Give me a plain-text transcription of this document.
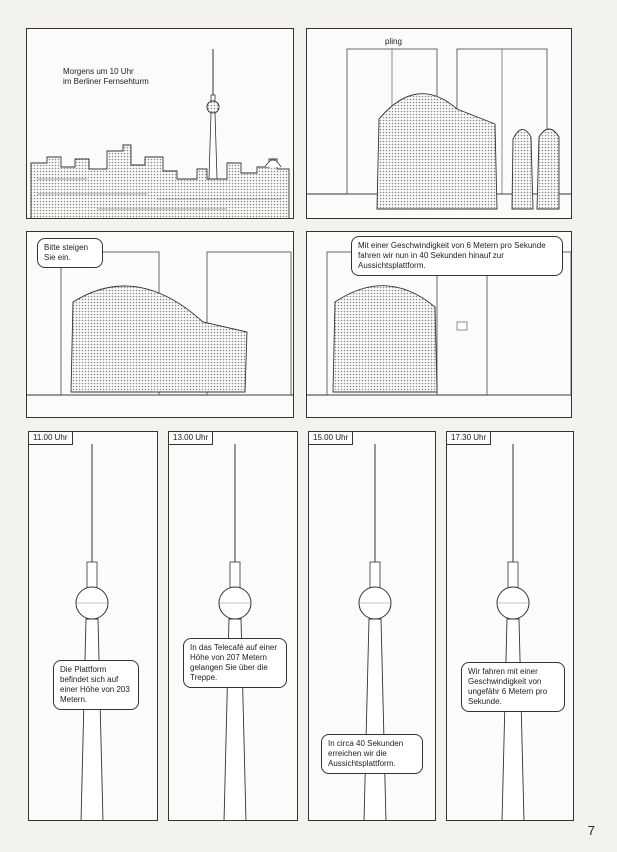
Morgens um 10 Uhr
im Berliner Fernsehturm
pling
Bitte steigen
Sie ein.
Mit einer Geschwindigkeit von 6 Metern pro Sekunde fahren wir nun in 40 Sekunden hinauf zur Aussichtsplattform.
11.00 Uhr
Die Plattform befindet sich auf einer Höhe von 203 Metern.
13.00 Uhr
In das Telecafé auf einer Höhe von 207 Metern gelangen Sie über die Treppe.
15.00 Uhr
In circa 40 Sekunden erreichen wir die Aussichtsplattform.
17.30 Uhr
Wir fahren mit einer Geschwindigkeit von ungefähr 6 Metern pro Sekunde.
7
